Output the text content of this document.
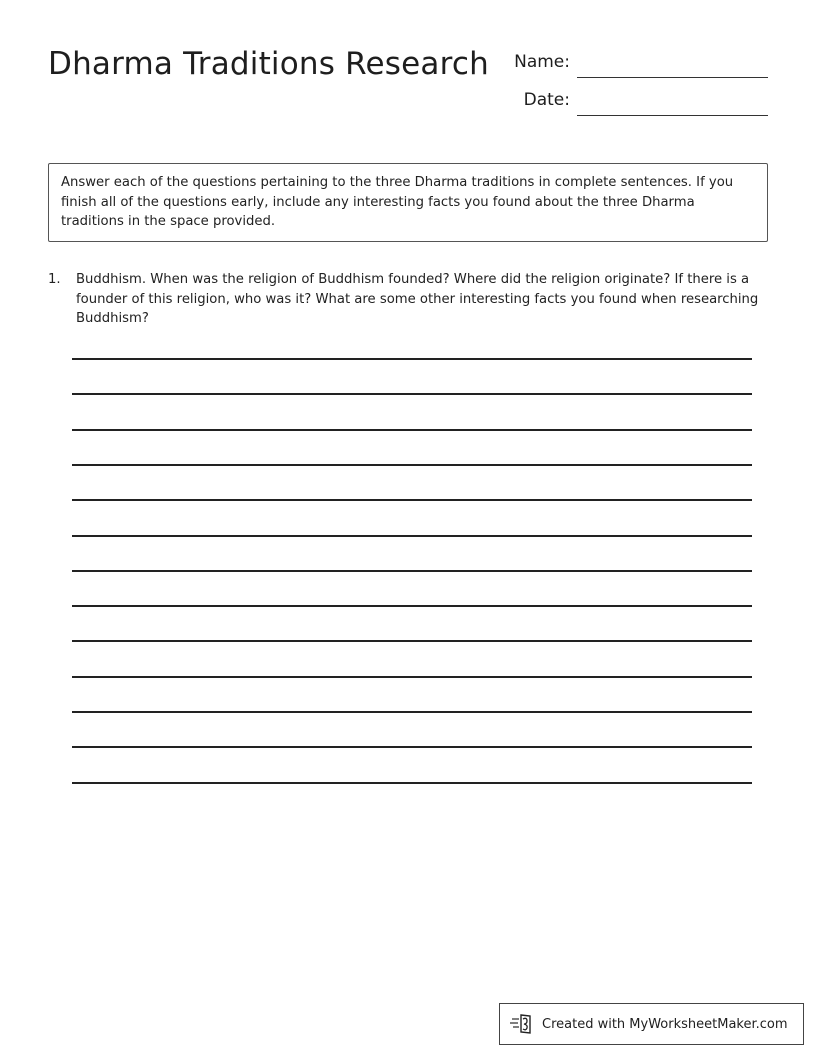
Dharma Traditions Research	Name:
Date:
Answer each of the questions pertaining to the three Dharma traditions in complete sentences. If you finish all of the questions early, include any interesting facts you found about the three Dharma traditions in the space provided.
1.	Buddhism. When was the religion of Buddhism founded? Where did the religion originate? If there is a founder of this religion, who was it? What are some other interesting facts you found when researching Buddhism?
Created with MyWorksheetMaker.com
